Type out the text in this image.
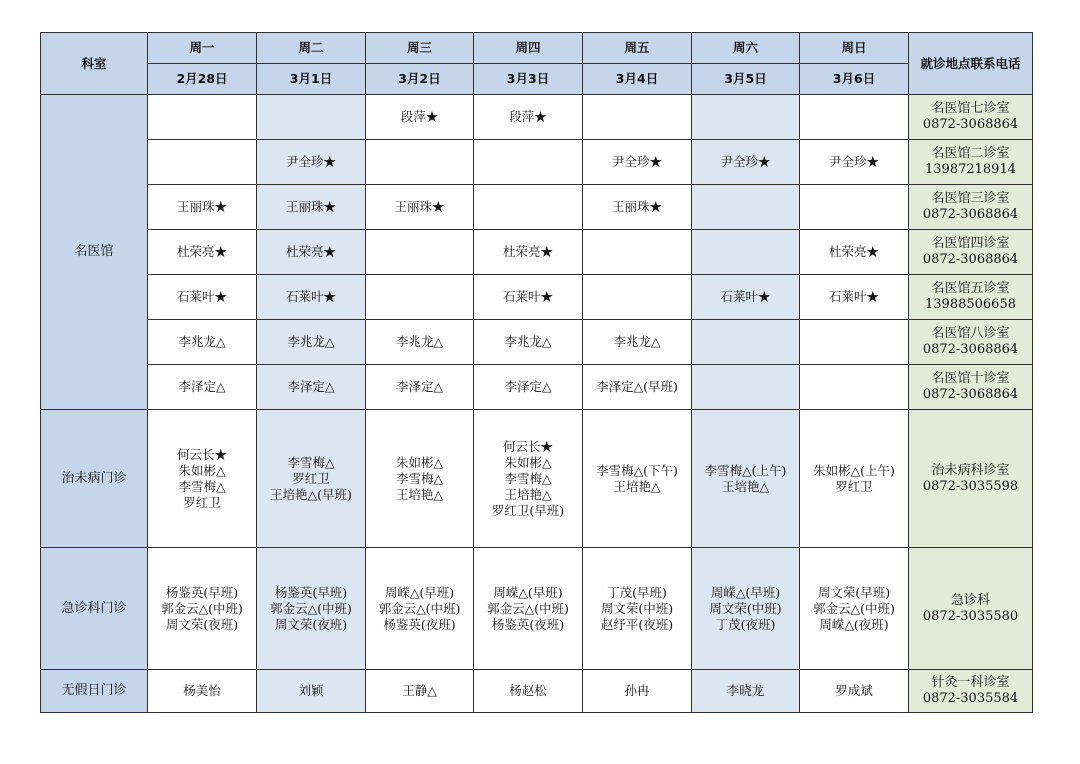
科室	周一	周二	周三	周四	周五	周六	周日	就诊地点联系电话
	2月28日	3月1日	3月2日	3月3日	3月4日	3月5日	3月6日	
名医馆			段萍★	段萍★				名医馆七诊室
0872-3068864

		尹全珍★			尹全珍★	尹全珍★	尹全珍★	名医馆二诊室
13987218914

	王丽珠★	王丽珠★	王丽珠★		王丽珠★			名医馆三诊室
0872-3068864

	杜荣亮★	杜荣亮★		杜荣亮★			杜荣亮★	名医馆四诊室
0872-3068864

	石莱叶★	石莱叶★		石莱叶★		石莱叶★	石莱叶★	名医馆五诊室
13988506658

	李兆龙△	李兆龙△	李兆龙△	李兆龙△	李兆龙△			名医馆八诊室
0872-3068864

	李泽定△	李泽定△	李泽定△	李泽定△	李泽定△(早班)			名医馆十诊室
0872-3068864

治未病门诊	何云长★
朱如彬△
李雪梅△
罗红卫	李雪梅△
罗红卫
王培艳△(早班)	朱如彬△
李雪梅△
王培艳△	何云长★
朱如彬△
李雪梅△
王培艳△
罗红卫(早班)	李雪梅△(下午)
王培艳△	李雪梅△(上午)
王培艳△	朱如彬△(上午)
罗红卫	治未病科诊室
0872-3035598

急诊科门诊	杨鉴英(早班)
郭金云△(中班)
周文荣(夜班)	杨鉴英(早班)
郭金云△(中班)
周文荣(夜班)	周嵘△(早班)
郭金云△(中班)
杨鉴英(夜班)	周嵘△(早班)
郭金云△(中班)
杨鉴英(夜班)	丁茂(早班)
周文荣(中班)
赵纾平(夜班)	周嵘△(早班)
周文荣(中班)
丁茂(夜班)	周文荣(早班)
郭金云△(中班)
周嵘△(夜班)	急诊科
0872-3035580

无假日门诊	杨美怡	刘颖	王静△	杨赵松	孙冉	李晓龙	罗成斌	针灸一科诊室
0872-3035584
